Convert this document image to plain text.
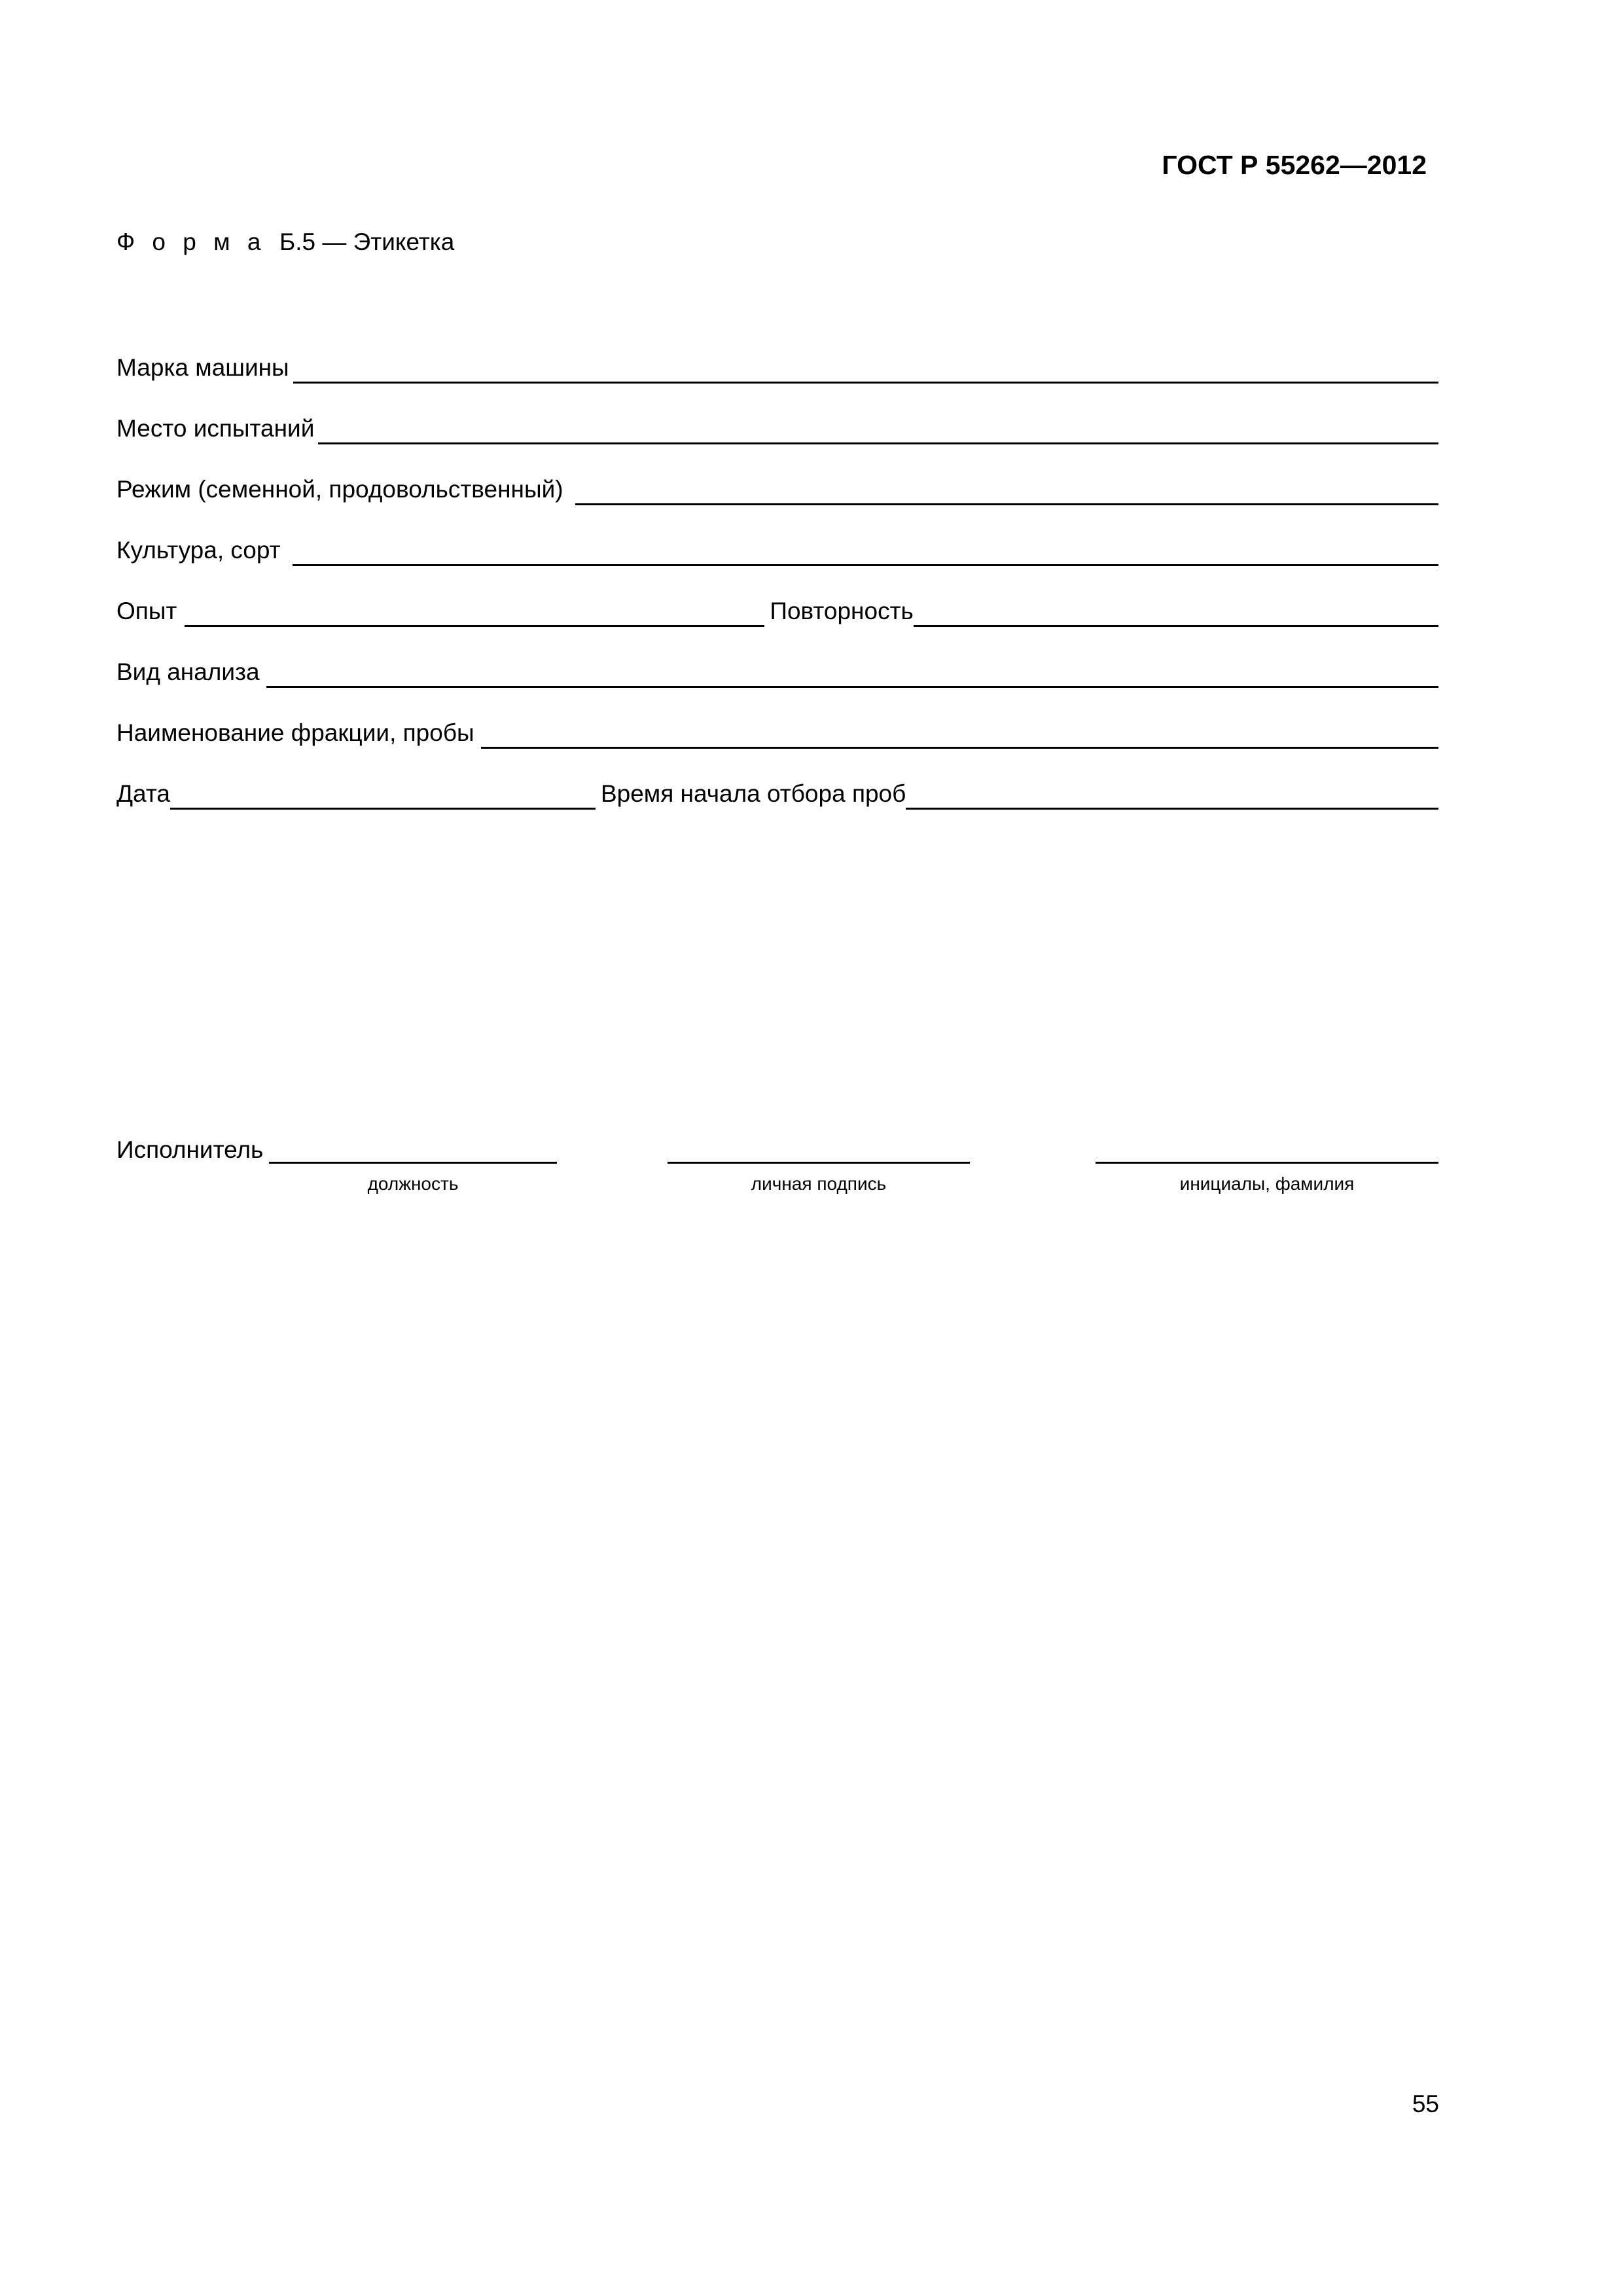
ГОСТ Р 55262—2012
Ф о р м а Б.5 — Этикетка
Марка машины
Место испытаний
Режим (семенной, продовольственный)
Культура, сорт
Опыт	Повторность
Вид анализа
Наименование фракции, пробы
Дата	Время начала отбора проб
Исполнитель
должность	личная подпись	инициалы, фамилия
55
